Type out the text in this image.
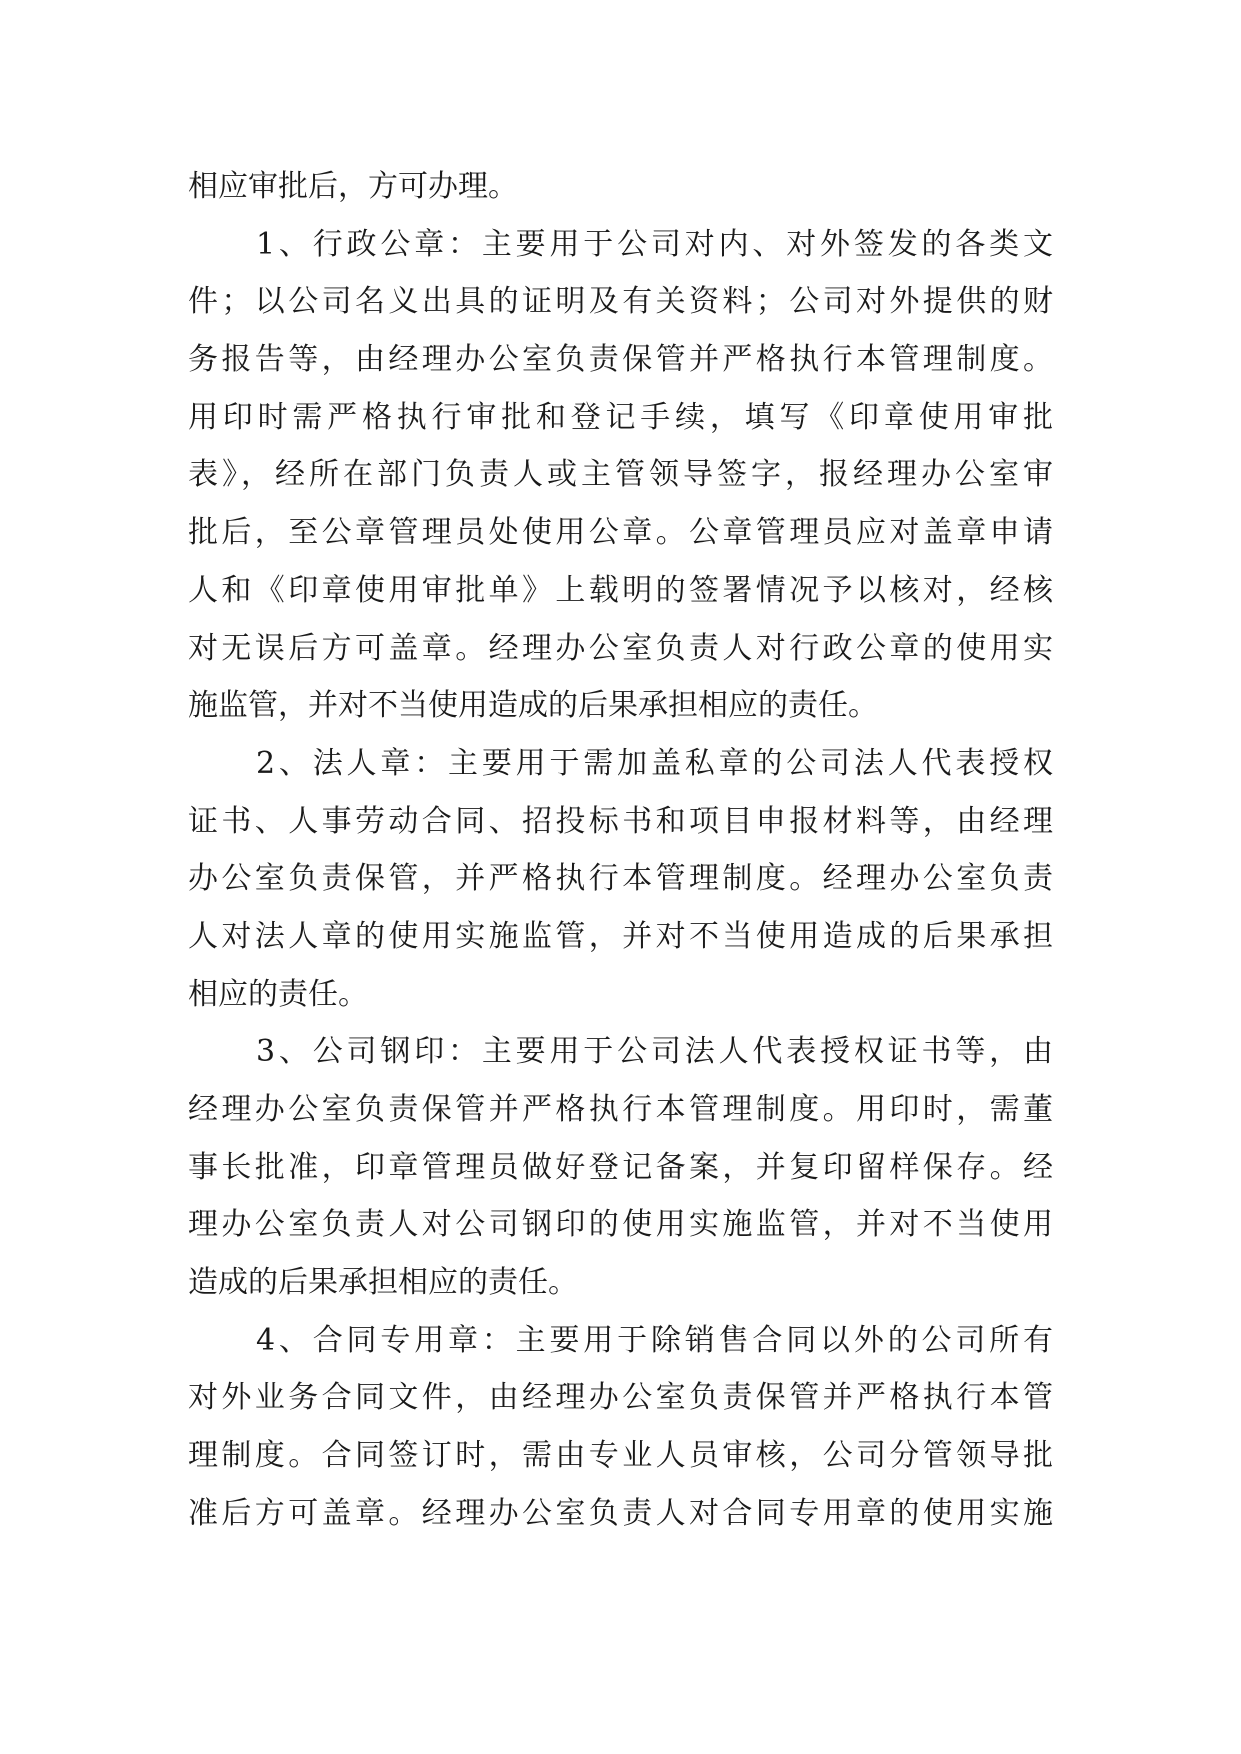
相应审批后，方可办理。
1、行政公章：主要用于公司对内、对外签发的各类文
件；以公司名义出具的证明及有关资料；公司对外提供的财
务报告等，由经理办公室负责保管并严格执行本管理制度。
用印时需严格执行审批和登记手续，填写《印章使用审批
表》，经所在部门负责人或主管领导签字，报经理办公室审
批后，至公章管理员处使用公章。公章管理员应对盖章申请
人和《印章使用审批单》上载明的签署情况予以核对，经核
对无误后方可盖章。经理办公室负责人对行政公章的使用实
施监管，并对不当使用造成的后果承担相应的责任。
2、法人章：主要用于需加盖私章的公司法人代表授权
证书、人事劳动合同、招投标书和项目申报材料等，由经理
办公室负责保管，并严格执行本管理制度。经理办公室负责
人对法人章的使用实施监管，并对不当使用造成的后果承担
相应的责任。
3、公司钢印：主要用于公司法人代表授权证书等，由
经理办公室负责保管并严格执行本管理制度。用印时，需董
事长批准，印章管理员做好登记备案，并复印留样保存。经
理办公室负责人对公司钢印的使用实施监管，并对不当使用
造成的后果承担相应的责任。
4、合同专用章：主要用于除销售合同以外的公司所有
对外业务合同文件，由经理办公室负责保管并严格执行本管
理制度。合同签订时，需由专业人员审核，公司分管领导批
准后方可盖章。经理办公室负责人对合同专用章的使用实施
